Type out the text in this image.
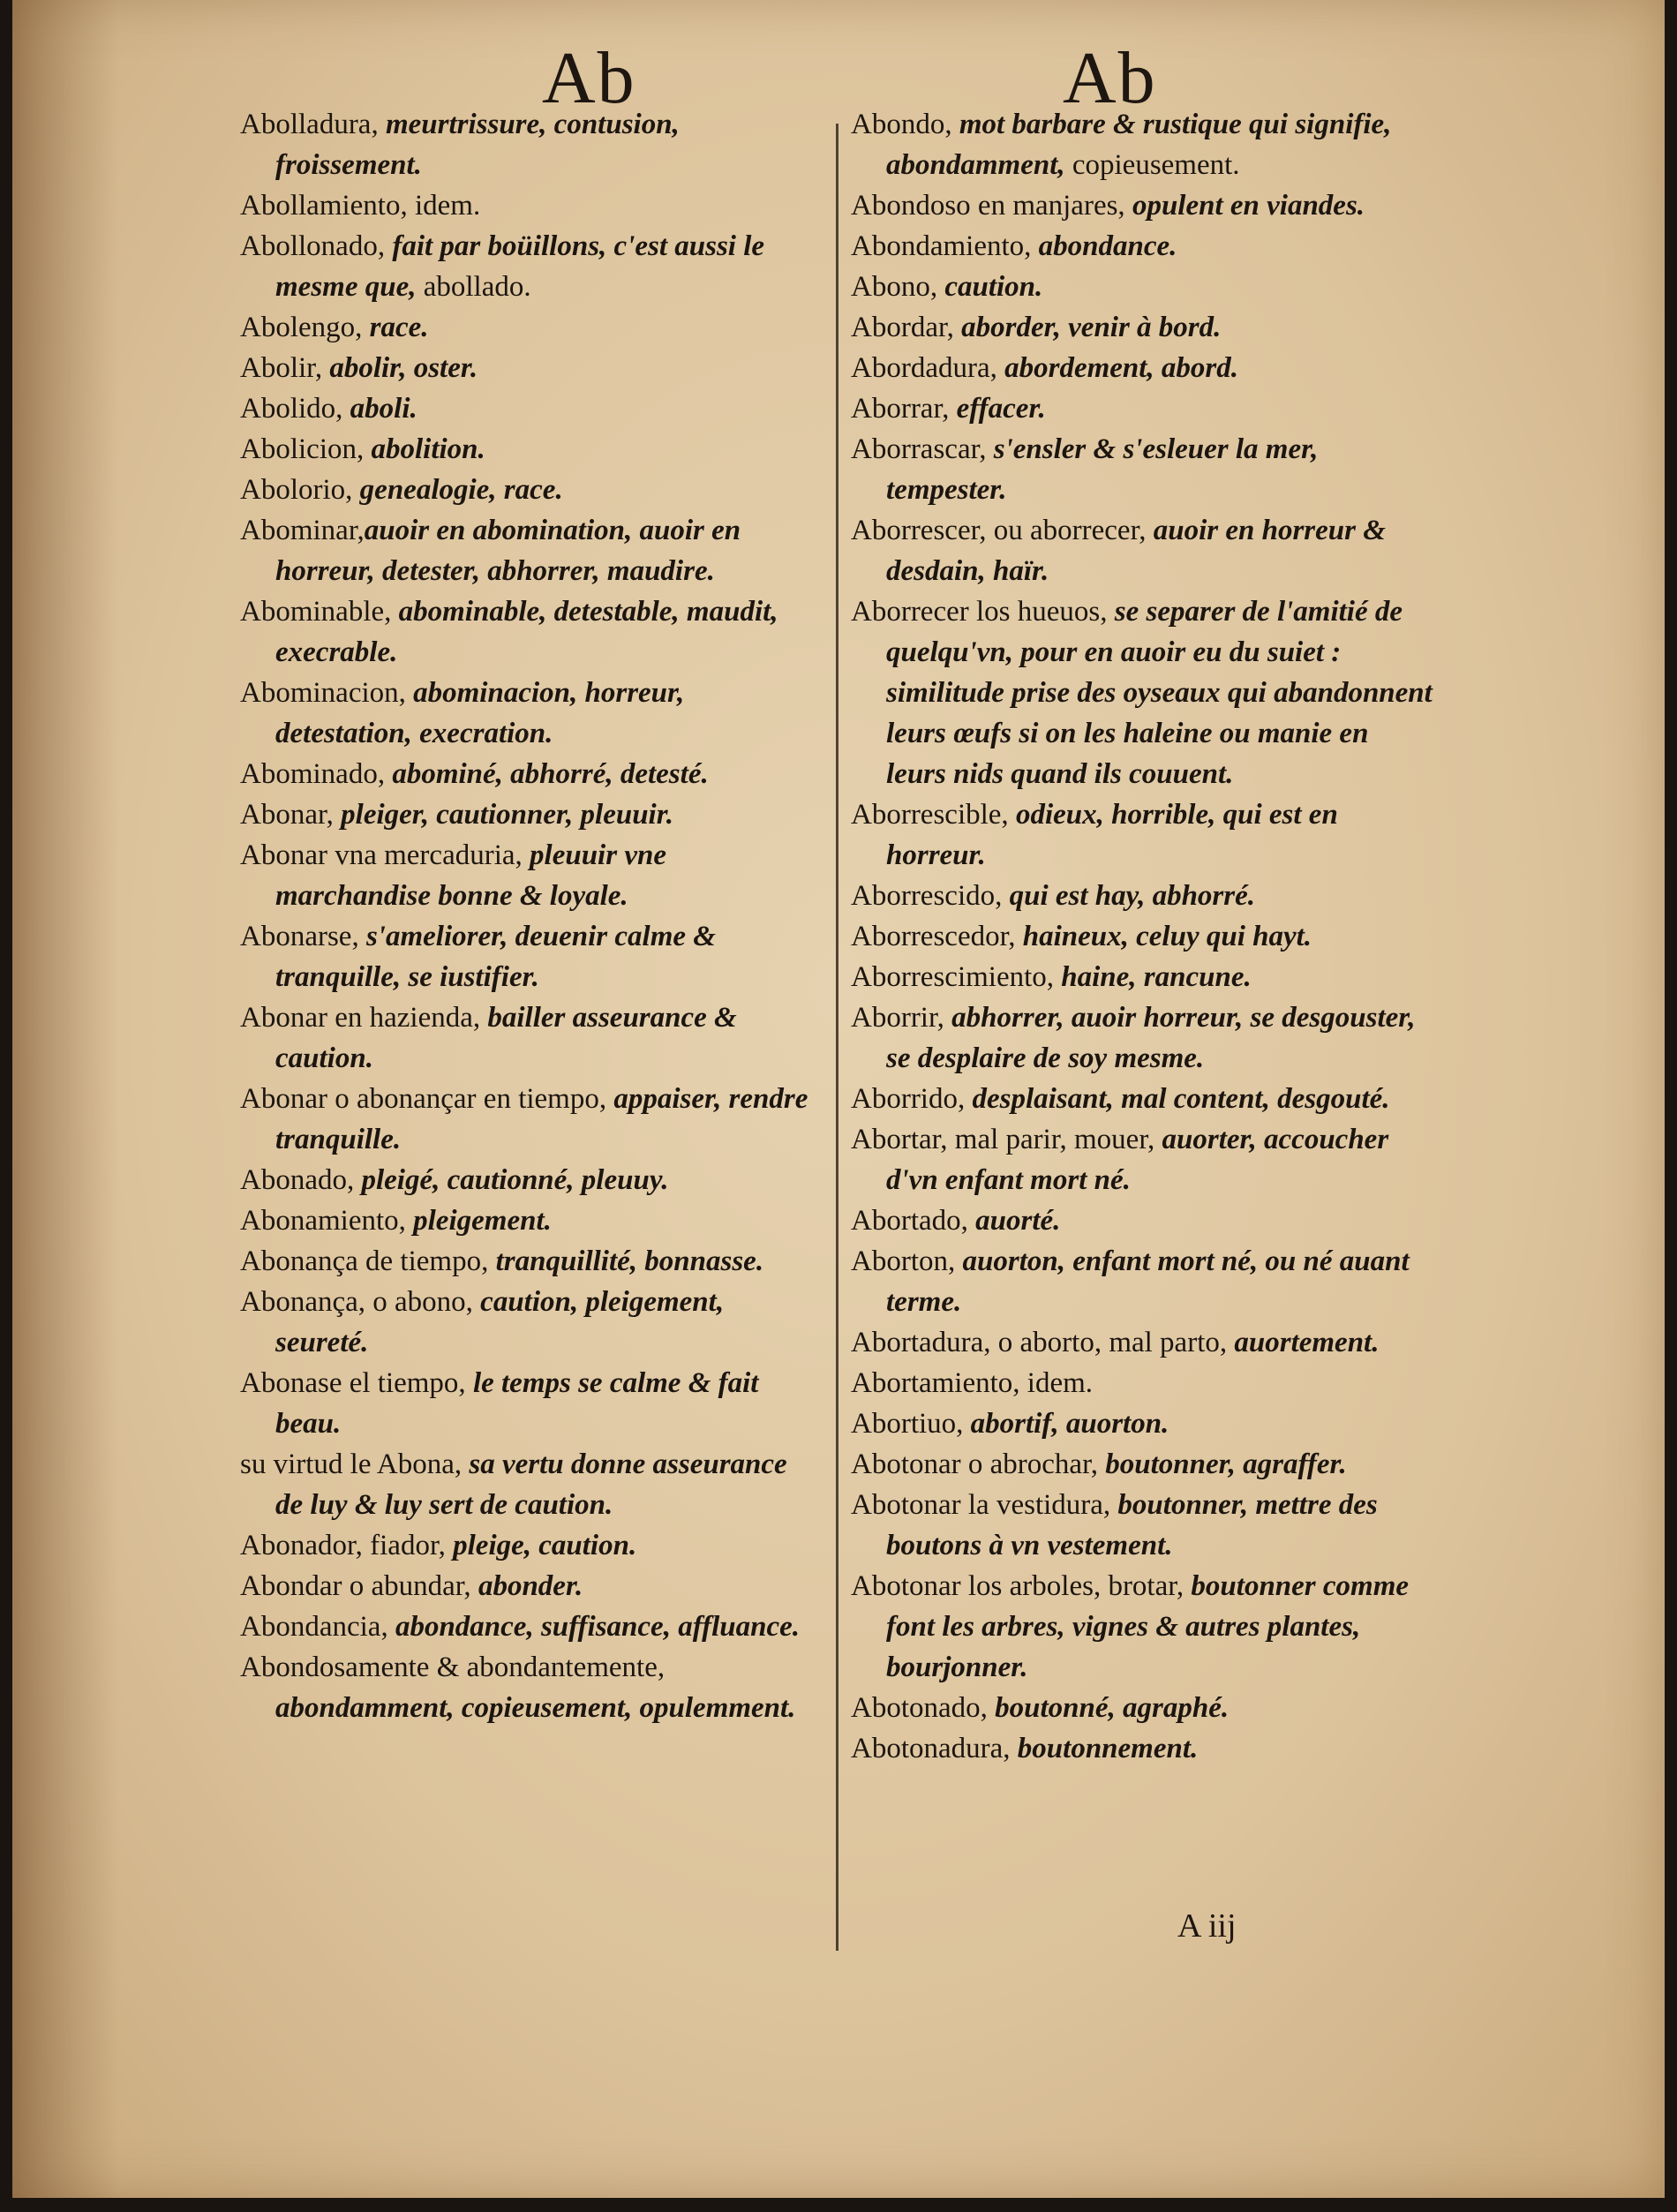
Ab	Ab

Abolladura, meurtrissure, contusion, froissement.

Abollamiento, idem.

Abollonado, fait par boüillons, c'est aussi le mesme que, abollado.

Abolengo, race.

Abolir, abolir, oster.

Abolido, aboli.

Abolicion, abolition.

Abolorio, genealogie, race.

Abominar,auoir en abomination, auoir en horreur, detester, abhorrer, maudire.

Abominable, abominable, detestable, maudit, execrable.

Abominacion, abominacion, horreur, detestation, execration.

Abominado, abominé, abhorré, detesté.

Abonar, pleiger, cautionner, pleuuir.

Abonar vna mercaduria, pleuuir vne marchandise bonne & loyale.

Abonarse, s'ameliorer, deuenir calme & tranquille, se iustifier.

Abonar en hazienda, bailler asseurance & caution.

Abonar o abonançar en tiempo, appaiser, rendre tranquille.

Abonado, pleigé, cautionné, pleuuy.

Abonamiento, pleigement.

Abonança de tiempo, tranquillité, bonnasse.

Abonança, o abono, caution, pleigement, seureté.

Abonase el tiempo, le temps se calme & fait beau.

su virtud le Abona, sa vertu donne asseurance de luy & luy sert de caution.

Abonador, fiador, pleige, caution.

Abondar o abundar, abonder.

Abondancia, abondance, suffisance, affluance.

Abondosamente & abondantemente, abondamment, copieusement, opulemment.

Abondo, mot barbare & rustique qui signifie, abondamment, copieusement.

Abondoso en manjares, opulent en viandes.

Abondamiento, abondance.

Abono, caution.

Abordar, aborder, venir à bord.

Abordadura, abordement, abord.

Aborrar, effacer.

Aborrascar, s'ensler & s'esleuer la mer, tempester.

Aborrescer, ou aborrecer, auoir en horreur & desdain, haïr.

Aborrecer los hueuos, se separer de l'amitié de quelqu'vn, pour en auoir eu du suiet : similitude prise des oyseaux qui abandonnent leurs œufs si on les haleine ou manie en leurs nids quand ils couuent.

Aborrescible, odieux, horrible, qui est en horreur.

Aborrescido, qui est hay, abhorré.

Aborrescedor, haineux, celuy qui hayt.

Aborrescimiento, haine, rancune.

Aborrir, abhorrer, auoir horreur, se desgouster, se desplaire de soy mesme.

Aborrido, desplaisant, mal content, desgouté.

Abortar, mal parir, mouer, auorter, accoucher d'vn enfant mort né.

Abortado, auorté.

Aborton, auorton, enfant mort né, ou né auant terme.

Abortadura, o aborto, mal parto, auortement.

Abortamiento, idem.

Abortiuo, abortif, auorton.

Abotonar o abrochar, boutonner, agraffer.

Abotonar la vestidura, boutonner, mettre des boutons à vn vestement.

Abotonar los arboles, brotar, boutonner comme font les arbres, vignes & autres plantes, bourjonner.

Abotonado, boutonné, agraphé.

Abotonadura, boutonnement.

A iij
